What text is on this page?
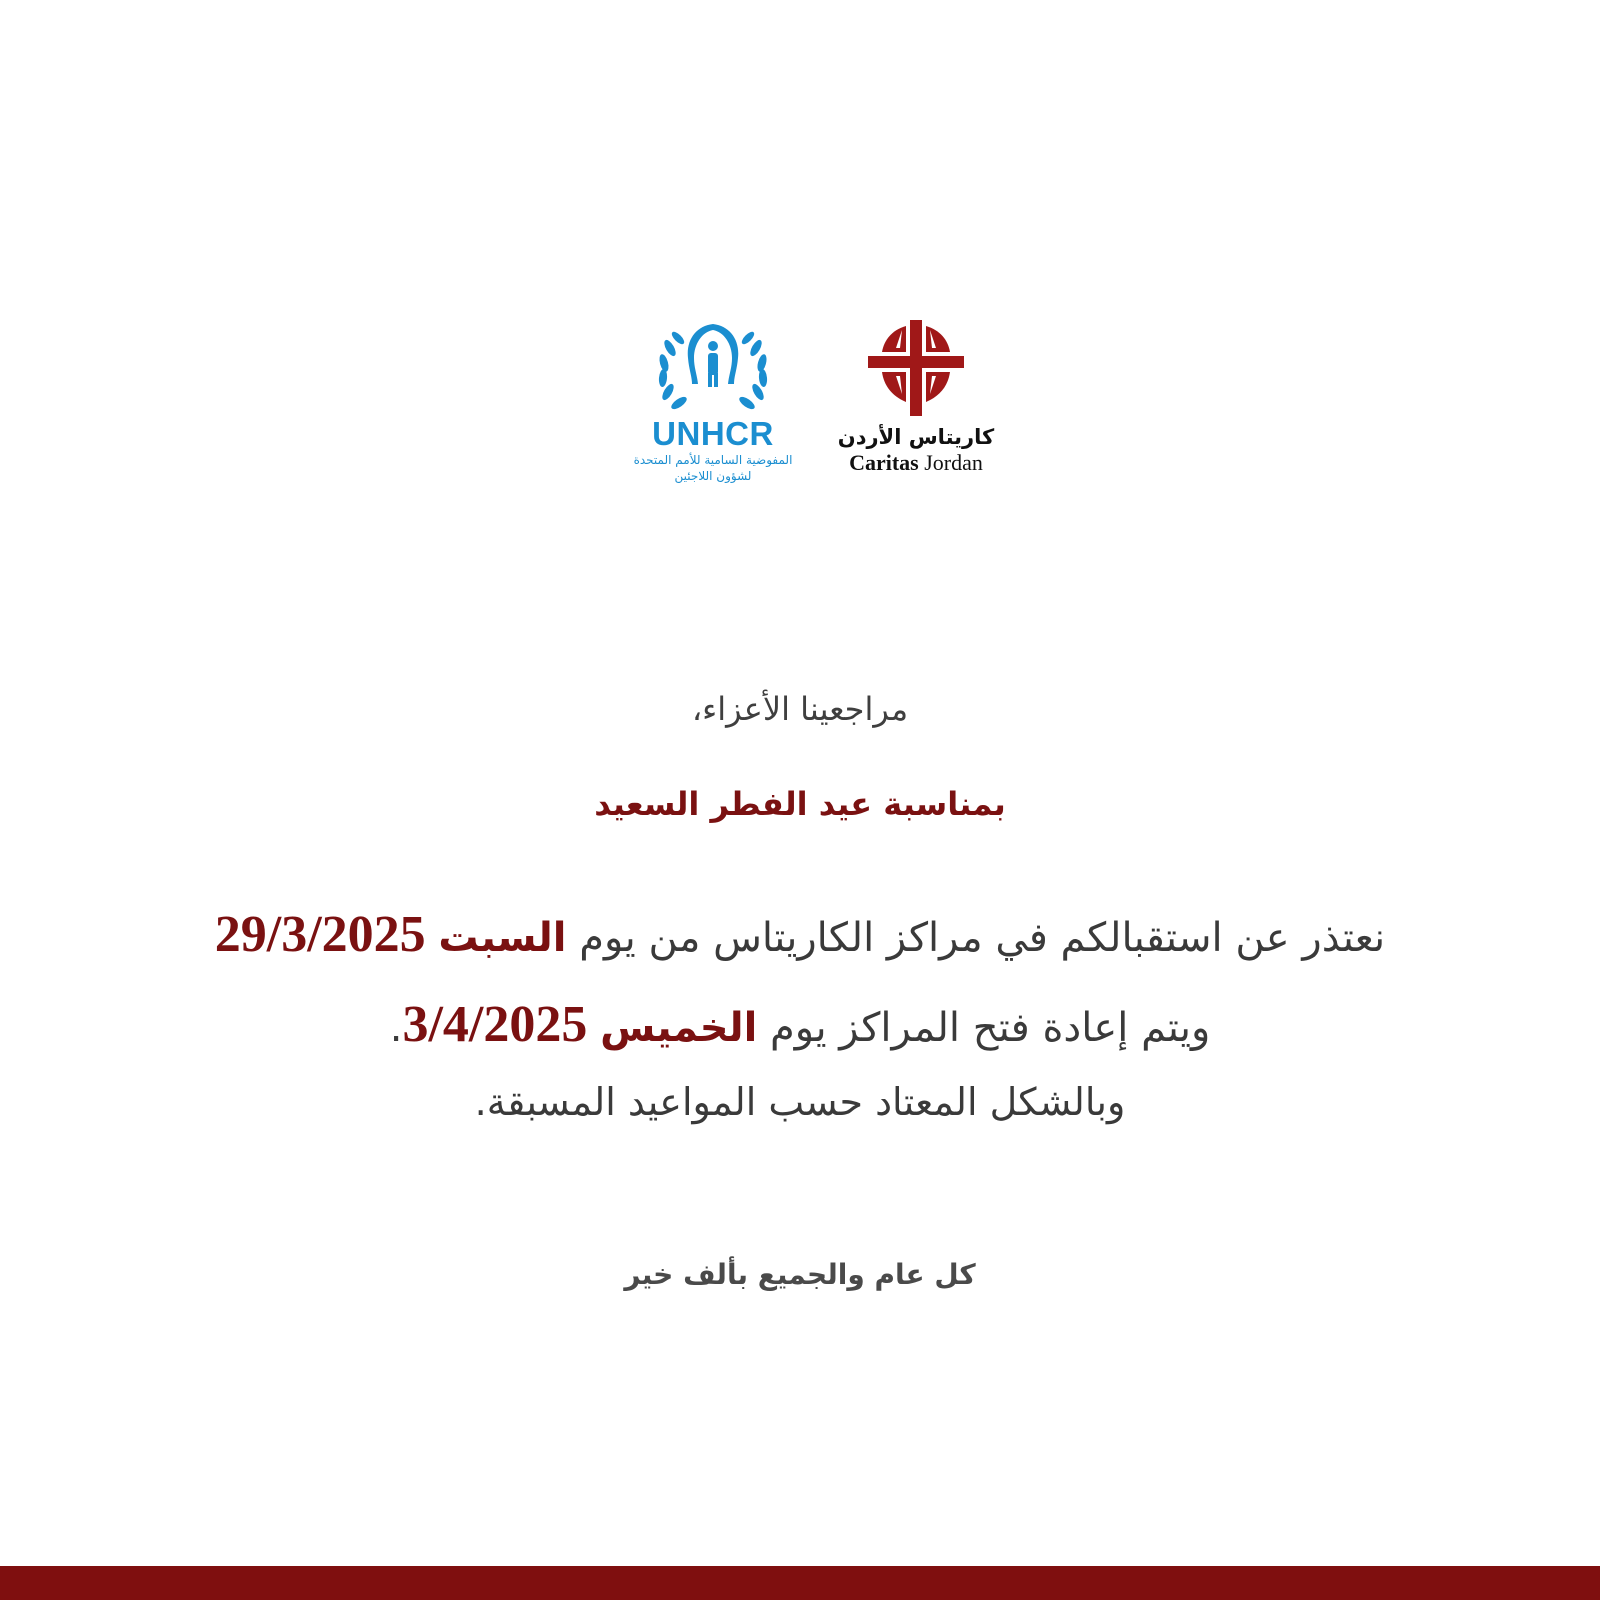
UNHCR
المفوضية السامية للأمم المتحدة
لشؤون اللاجئين
كاريتاس الأردن
Caritas Jordan
مراجعينا الأعزاء،
بمناسبة عيد الفطر السعيد
نعتذر عن استقبالكم في مراكز الكاريتاس من يوم السبت 29/3/2025
ويتم إعادة فتح المراكز يوم الخميس 3/4/2025.
وبالشكل المعتاد حسب المواعيد المسبقة.
كل عام والجميع بألف خير
